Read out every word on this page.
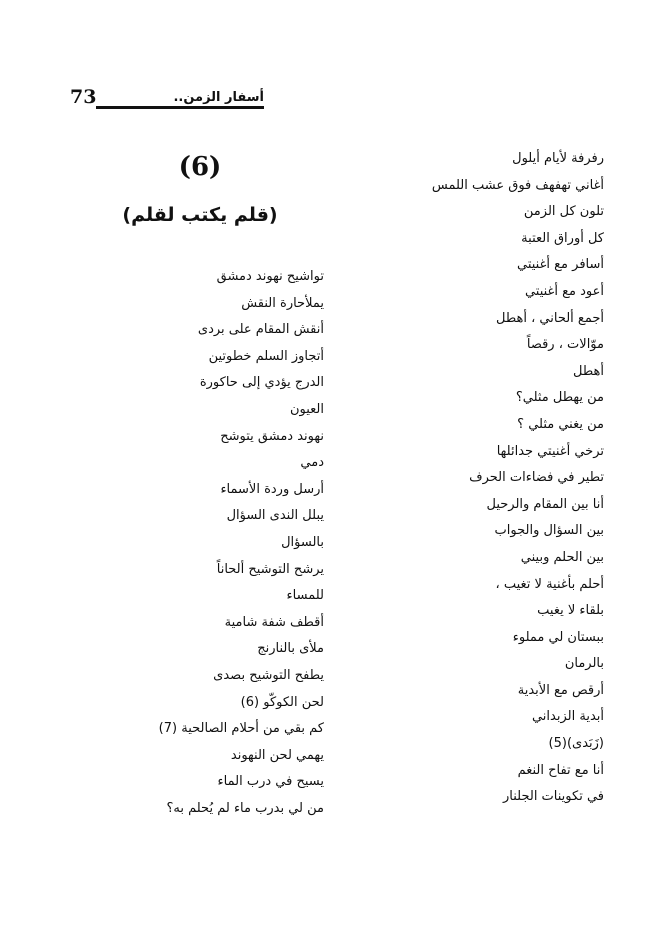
73	أسفار الزمن..
(6)
(قلم يكتب لقلم)
رفرفة لأيام أيلول
أغاني تهفهف فوق عشب اللمس
تلون كل الزمن
كل أوراق العتبة
أسافر مع أغنيتي
أعود مع أغنيتي
أجمع ألحاني ، أهطل
موّالات ، رقصاً
أهطل
من يهطل مثلي؟
من يغني مثلي ؟
ترخي أغنيتي جدائلها
تطير في فضاءات الحرف
أنا بين المقام والرحيل
بين السؤال والجواب
بين الحلم وبيني
أحلم بأغنية لا تغيب ،
بلقاء لا يغيب
ببستان لي مملوء
بالرمان
أرقص مع الأبدية
أبدية الزبداني
(زَبَدى)(5)
أنا مع تفاح النغم
في تكوينات الجلنار
تواشيح نهوند دمشق
يملأحارة النقش
أنقش المقام على بردى
أتجاوز السلم خطوتين
الدرج يؤدي إلى حاكورة
العيون
نهوند دمشق يتوشح
دمي
أرسل وردة الأسماء
يبلل الندى السؤال
بالسؤال
يرشح التوشيح ألحاناً
للمساء
أقطف شفة شامية
ملأى بالنارنج
يطفح التوشيح بصدى
لحن الكوكّو (6)
كم بقي من أحلام الصالحية (7)
يهمي لحن النهوند
يسيح في درب الماء
من لي بدرب ماء لم يُحلم به؟
